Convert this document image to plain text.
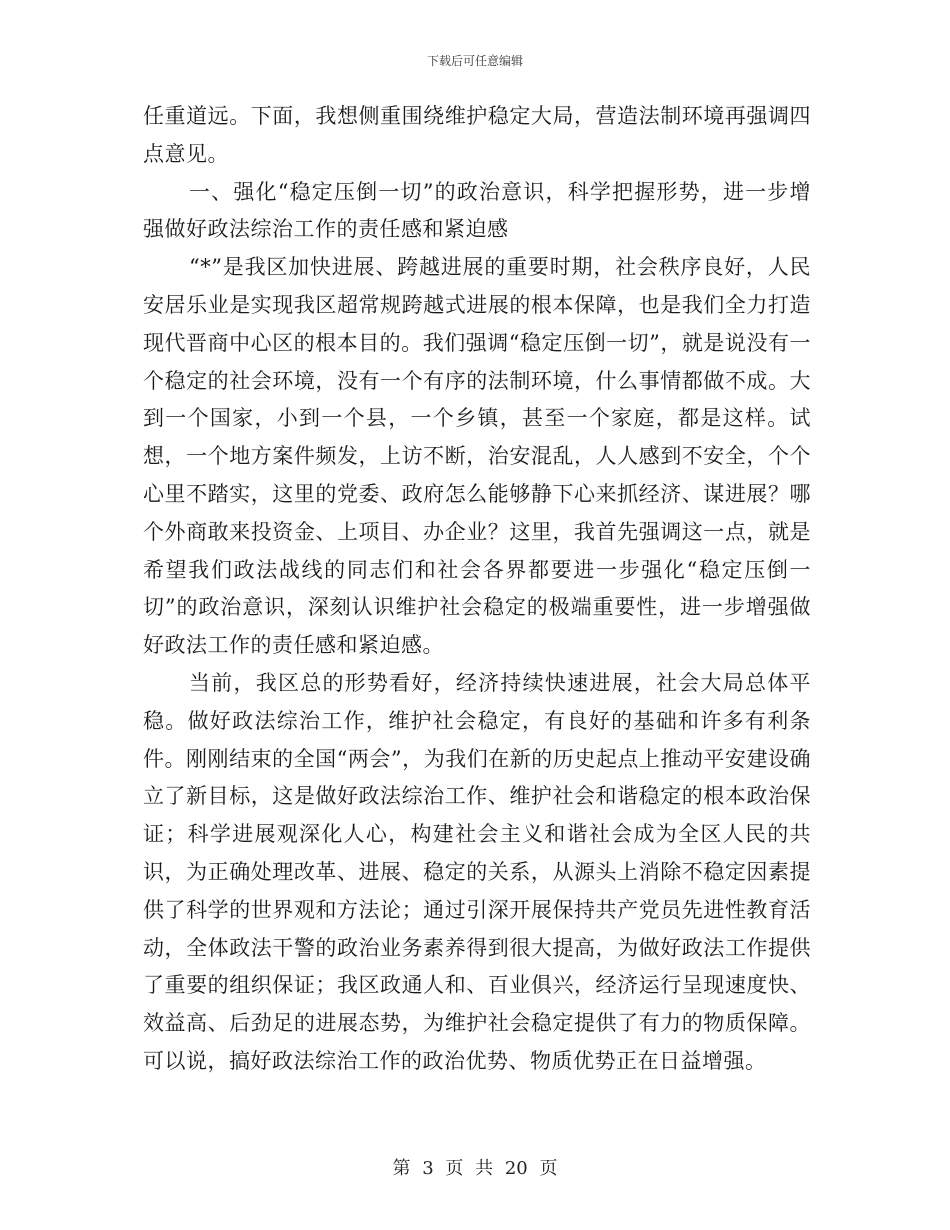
下载后可任意编辑

任重道远。下面，我想侧重围绕维护稳定大局，营造法制环境再强调四点意见。

一、强化“稳定压倒一切”的政治意识，科学把握形势，进一步增强做好政法综治工作的责任感和紧迫感

“*”是我区加快进展、跨越进展的重要时期，社会秩序良好，人民安居乐业是实现我区超常规跨越式进展的根本保障，也是我们全力打造现代晋商中心区的根本目的。我们强调“稳定压倒一切”，就是说没有一个稳定的社会环境，没有一个有序的法制环境，什么事情都做不成。大到一个国家，小到一个县，一个乡镇，甚至一个家庭，都是这样。试想，一个地方案件频发，上访不断，治安混乱，人人感到不安全，个个心里不踏实，这里的党委、政府怎么能够静下心来抓经济、谋进展？哪个外商敢来投资金、上项目、办企业？这里，我首先强调这一点，就是希望我们政法战线的同志们和社会各界都要进一步强化“稳定压倒一切”的政治意识，深刻认识维护社会稳定的极端重要性，进一步增强做好政法工作的责任感和紧迫感。

当前，我区总的形势看好，经济持续快速进展，社会大局总体平稳。做好政法综治工作，维护社会稳定，有良好的基础和许多有利条件。刚刚结束的全国“两会”，为我们在新的历史起点上推动平安建设确立了新目标，这是做好政法综治工作、维护社会和谐稳定的根本政治保证；科学进展观深化人心，构建社会主义和谐社会成为全区人民的共识，为正确处理改革、进展、稳定的关系，从源头上消除不稳定因素提供了科学的世界观和方法论；通过引深开展保持共产党员先进性教育活动，全体政法干警的政治业务素养得到很大提高，为做好政法工作提供了重要的组织保证；我区政通人和、百业俱兴，经济运行呈现速度快、效益高、后劲足的进展态势，为维护社会稳定提供了有力的物质保障。可以说，搞好政法综治工作的政治优势、物质优势正在日益增强。

第 3 页 共 20 页
